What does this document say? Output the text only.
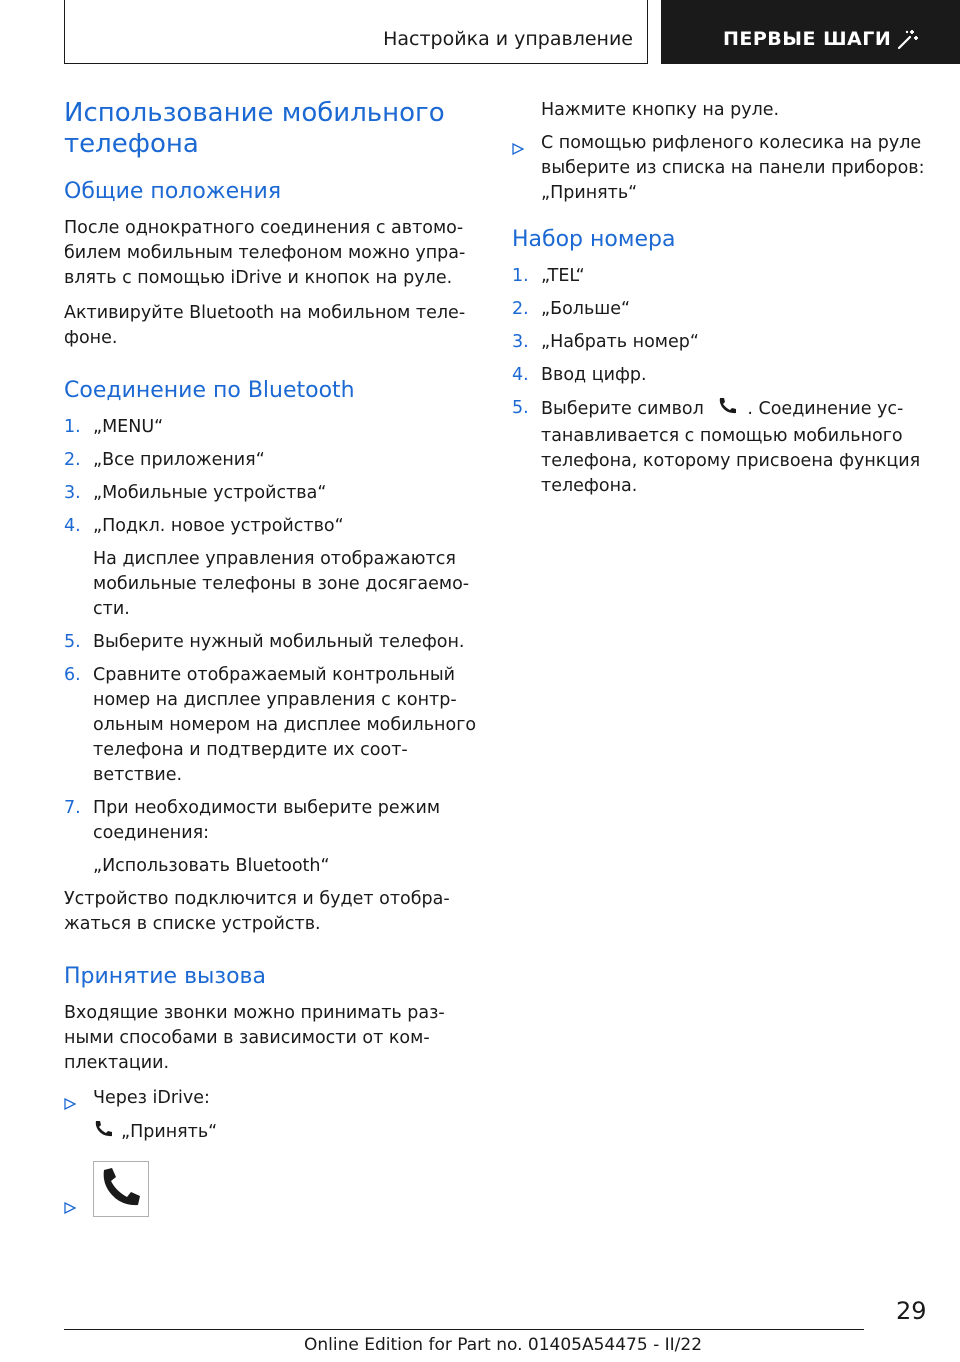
Настройка и управление	ПЕРВЫЕ ШАГИ
Использование мобильного телефона
Общие положения

После однократного соединения с автомобилем мобильным телефоном можно управлять с помощью iDrive и кнопок на руле.

Активируйте Bluetooth на мобильном телефоне.

Соединение по Bluetooth
1. „MENU“
2. „Все приложения“
3. „Мобильные устройства“
4. „Подкл. новое устройство“

На дисплее управления отображаются мобильные телефоны в зоне досягаемости.

5. Выберите нужный мобильный телефон.
6. Сравните отображаемый контрольный номер на дисплее управления с контрольным номером на дисплее мобильного телефона и подтвердите их соответствие.
7. При необходимости выберите режим соединения:

„Использовать Bluetooth“

Устройство подключится и будет отображаться в списке устройств.

Принятие вызова

Входящие звонки можно принимать разными способами в зависимости от комплектации.

Через iDrive:

„Принять“

Нажмите кнопку на руле.

С помощью рифленого колесика на руле выберите из списка на панели приборов: „Принять“
Набор номера
1. „TEL“
2. „Больше“
3. „Набрать номер“
4. Ввод цифр.
5. Выберите символ . Соединение устанавливается с помощью мобильного телефона, которому присвоена функция телефона.
29
Online Edition for Part no. 01405A54475 - II/22
